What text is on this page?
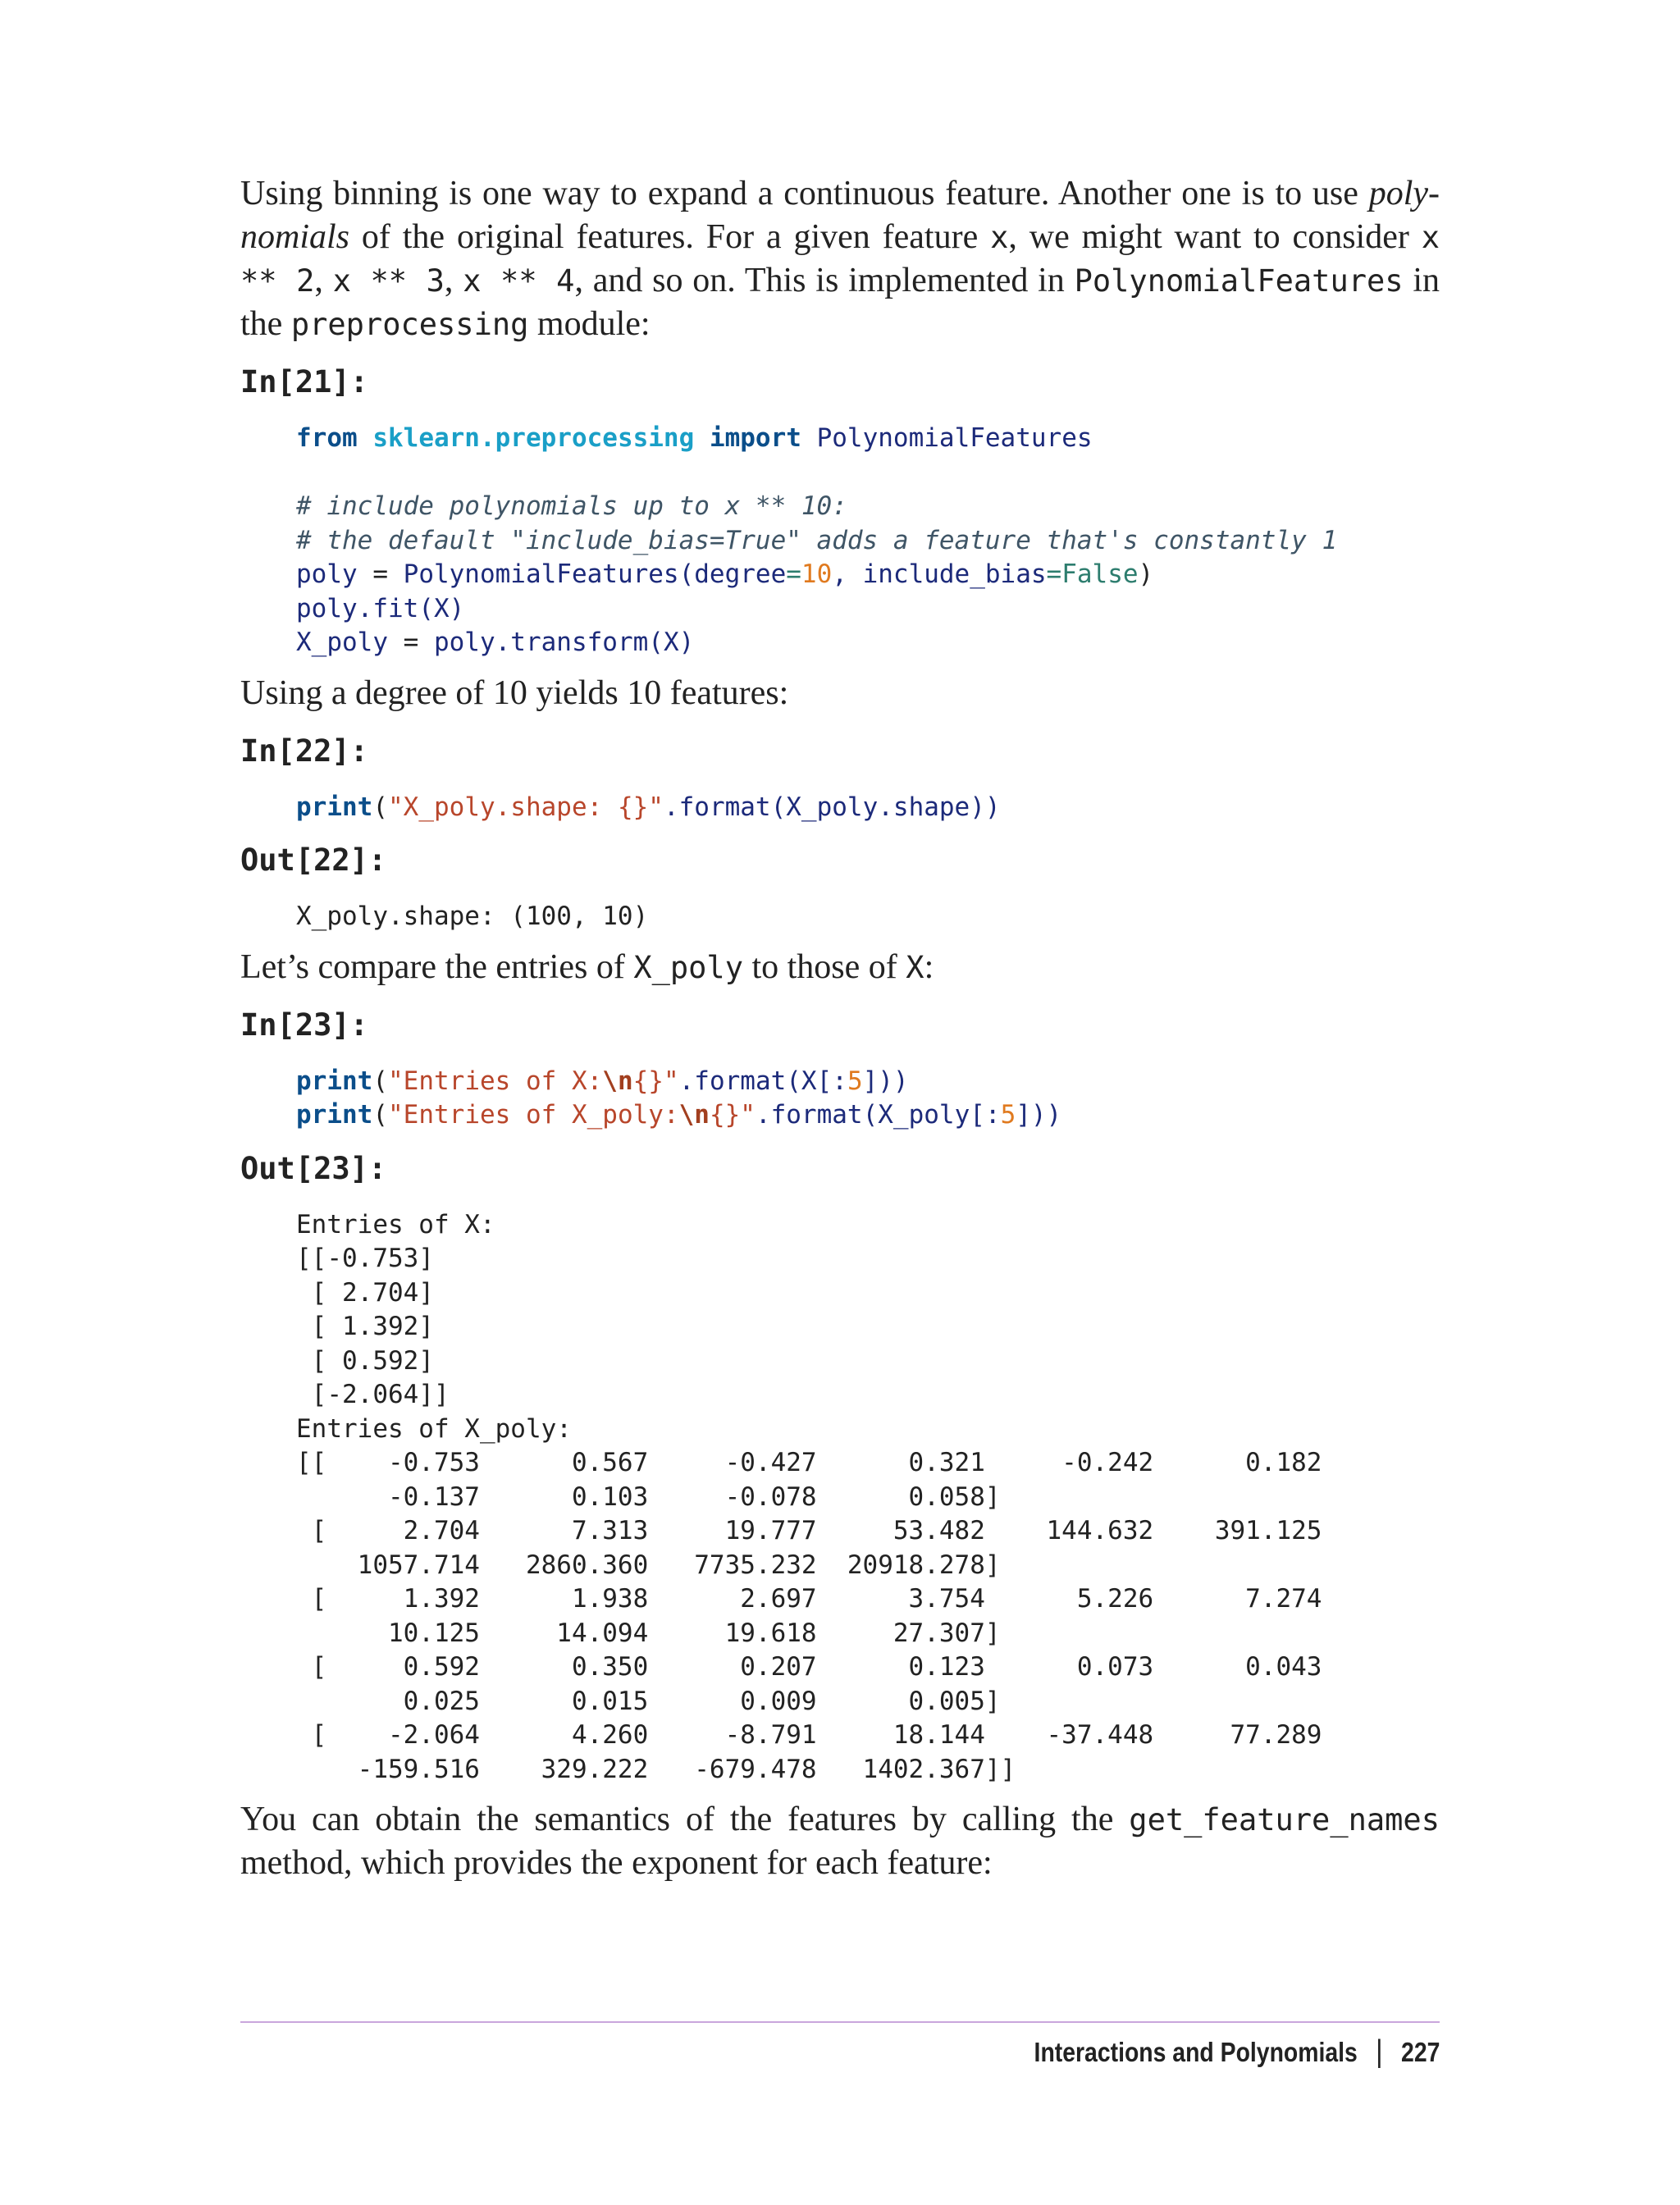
Using binning is one way to expand a continuous feature. Another one is to use poly-nomials of the original features. For a given feature x, we might want to consider x ** 2, x ** 3, x ** 4, and so on. This is implemented in PolynomialFeatures in the preprocessing module:

In[21]:

from sklearn.preprocessing import PolynomialFeatures

# include polynomials up to x ** 10:
# the default "include_bias=True" adds a feature that's constantly 1
poly = PolynomialFeatures(degree=10, include_bias=False)
poly.fit(X)
X_poly = poly.transform(X)

Using a degree of 10 yields 10 features:

In[22]:

print("X_poly.shape: {}".format(X_poly.shape))

Out[22]:

X_poly.shape: (100, 10)

Let’s compare the entries of X_poly to those of X:

In[23]:

print("Entries of X:\n{}".format(X[:5]))
print("Entries of X_poly:\n{}".format(X_poly[:5]))

Out[23]:

Entries of X:
[[-0.753]
[ 2.704]
[ 1.392]
[ 0.592]
[-2.064]]
Entries of X_poly:
[[    -0.753      0.567     -0.427      0.321     -0.242      0.182
-0.137      0.103     -0.078      0.058]
[     2.704      7.313     19.777     53.482    144.632    391.125
1057.714   2860.360   7735.232  20918.278]
[     1.392      1.938      2.697      3.754      5.226      7.274
10.125     14.094     19.618     27.307]
[     0.592      0.350      0.207      0.123      0.073      0.043
0.025      0.015      0.009      0.005]
[    -2.064      4.260     -8.791     18.144    -37.448     77.289
-159.516    329.222   -679.478   1402.367]]

You can obtain the semantics of the features by calling the get_feature_names method, which provides the exponent for each feature:

Interactions and Polynomials | 227
